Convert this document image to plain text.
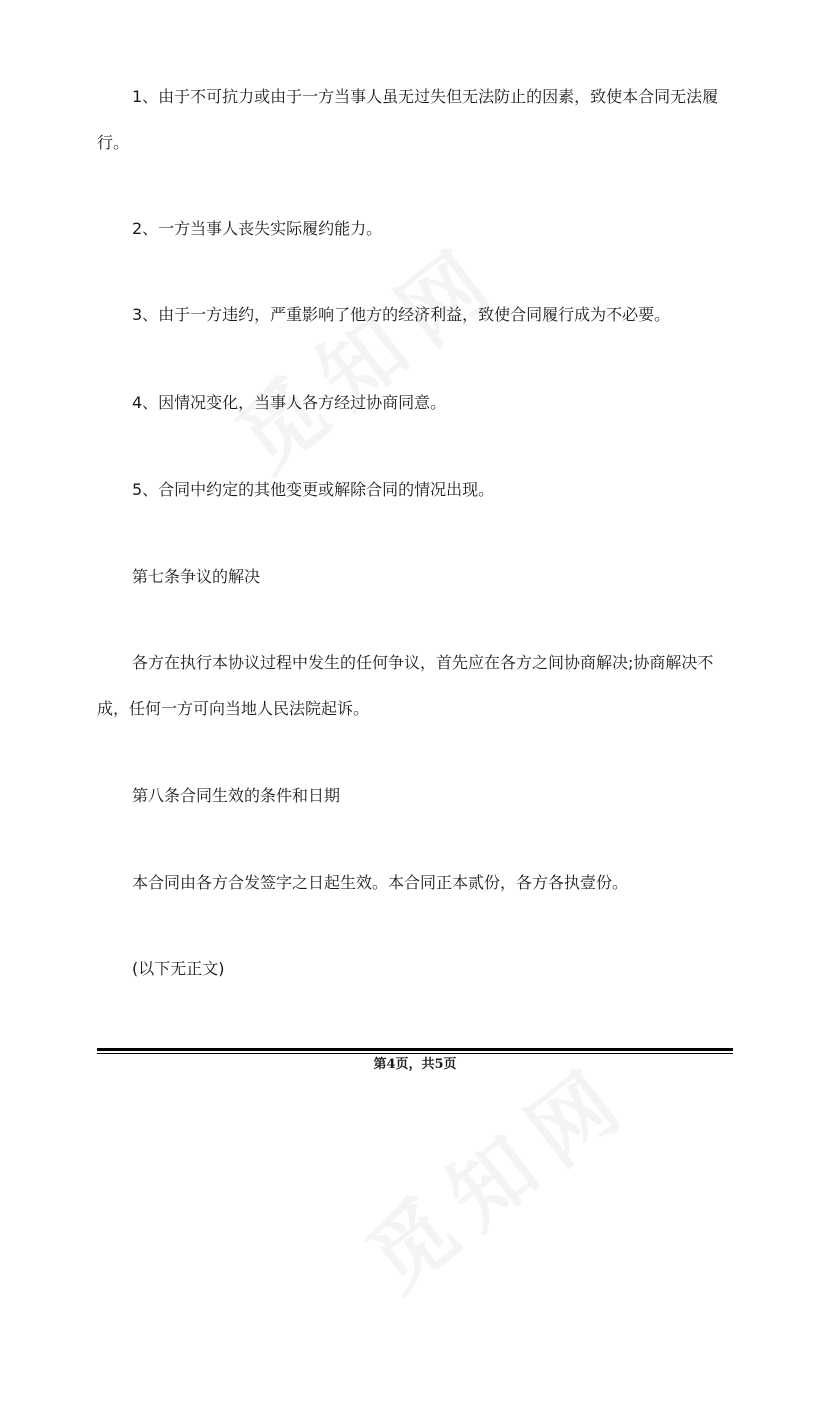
1、由于不可抗力或由于一方当事人虽无过失但无法防止的因素，致使本合同无法履行。

2、一方当事人丧失实际履约能力。

3、由于一方违约，严重影响了他方的经济利益，致使合同履行成为不必要。

4、因情况变化，当事人各方经过协商同意。

5、合同中约定的其他变更或解除合同的情况出现。

第七条争议的解决

各方在执行本协议过程中发生的任何争议，首先应在各方之间协商解决;协商解决不成，任何一方可向当地人民法院起诉。

第八条合同生效的条件和日期

本合同由各方合发签字之日起生效。本合同正本贰份，各方各执壹份。

(以下无正文)

第4页，共5页
